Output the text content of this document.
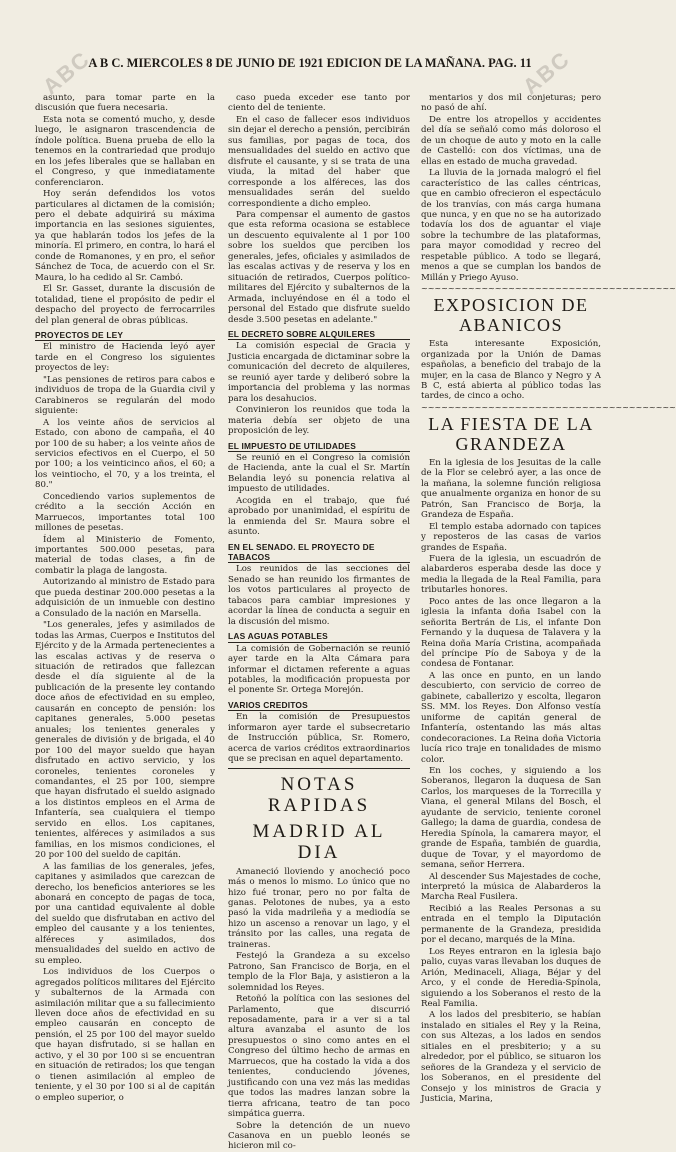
ABC	ABC
A B C. MIERCOLES 8 DE JUNIO DE 1921 EDICION DE LA MAÑANA. PAG. 11

asunto, para tomar parte en la discusión que fuera necesaria.

Esta nota se comentó mucho, y, desde luego, le asignaron trascendencia de índole política. Buena prueba de ello la tenemos en la contrariedad que produjo en los jefes liberales que se hallaban en el Congreso, y que inmediatamente conferenciaron.

Hoy serán defendidos los votos particulares al dictamen de la comisión; pero el debate adquirirá su máxima importancia en las sesiones siguientes, ya que hablarán todos los jefes de la minoría. El primero, en contra, lo hará el conde de Romanones, y en pro, el señor Sánchez de Toca, de acuerdo con el Sr. Maura, lo ha cedido al Sr. Cambó.

El Sr. Gasset, durante la discusión de totalidad, tiene el propósito de pedir el despacho del proyecto de ferrocarriles del plan general de obras públicas.

PROYECTOS DE LEY

El ministro de Hacienda leyó ayer tarde en el Congreso los siguientes proyectos de ley:

"Las pensiones de retiros para cabos e individuos de tropa de la Guardia civil y Carabineros se regularán del modo siguiente:

A los veinte años de servicios al Estado, con abono de campaña, el 40 por 100 de su haber; a los veinte años de servicios efectivos en el Cuerpo, el 50 por 100; a los veinticinco años, el 60; a los veintiocho, el 70, y a los treinta, el 80."

Concediendo varios suplementos de crédito a la sección Acción en Marruecos, importantes total 100 millones de pesetas.

Ídem al Ministerio de Fomento, importantes 500.000 pesetas, para material de todas clases, a fin de combatir la plaga de langosta.

Autorizando al ministro de Estado para que pueda destinar 200.000 pesetas a la adquisición de un inmueble con destino a Consulado de la nación en Marsella.

"Los generales, jefes y asimilados de todas las Armas, Cuerpos e Institutos del Ejército y de la Armada pertenecientes a las escalas activas y de reserva o situación de retirados que fallezcan desde el día siguiente al de la publicación de la presente ley contando doce años de efectividad en su empleo, causarán en concepto de pensión: los capitanes generales, 5.000 pesetas anuales; los tenientes generales y generales de división y de brigada, el 40 por 100 del mayor sueldo que hayan disfrutado en activo servicio, y los coroneles, tenientes coroneles y comandantes, el 25 por 100, siempre que hayan disfrutado el sueldo asignado a los distintos empleos en el Arma de Infantería, sea cualquiera el tiempo servido en ellos. Los capitanes, tenientes, alféreces y asimilados a sus familias, en los mismos condiciones, el 20 por 100 del sueldo de capitán.

A las familias de los generales, jefes, capitanes y asimilados que carezcan de derecho, los beneficios anteriores se les abonará en concepto de pagas de toca, por una cantidad equivalente al doble del sueldo que disfrutaban en activo del empleo del causante y a los tenientes, alféreces y asimilados, dos mensualidades del sueldo en activo de su empleo.

Los individuos de los Cuerpos o agregados políticos militares del Ejército y subalternos de la Armada con asimilación militar que a su fallecimiento lleven doce años de efectividad en su empleo causarán en concepto de pensión, el 25 por 100 del mayor sueldo que hayan disfrutado, si se hallan en activo, y el 30 por 100 si se encuentran en situación de retirados; los que tengan o tienen asimilación al empleo de teniente, y el 30 por 100 si al de capitán o empleo superior, o

caso pueda exceder ese tanto por ciento del de teniente.

En el caso de fallecer esos individuos sin dejar el derecho a pensión, percibirán sus familias, por pagas de toca, dos mensualidades del sueldo en activo que disfrute el causante, y si se trata de una viuda, la mitad del haber que corresponde a los alféreces, las dos mensualidades serán del sueldo correspondiente a dicho empleo.

Para compensar el aumento de gastos que esta reforma ocasiona se establece un descuento equivalente al 1 por 100 sobre los sueldos que perciben los generales, jefes, oficiales y asimilados de las escalas activas y de reserva y los en situación de retirados, Cuerpos político-militares del Ejército y subalternos de la Armada, incluyéndose en él a todo el personal del Estado que disfrute sueldo desde 3.500 pesetas en adelante."

EL DECRETO SOBRE ALQUILERES

La comisión especial de Gracia y Justicia encargada de dictaminar sobre la comunicación del decreto de alquileres, se reunió ayer tarde y deliberó sobre la importancia del problema y las normas para los desahucios.

Convinieron los reunidos que toda la materia debía ser objeto de una proposición de ley.

EL IMPUESTO DE UTILIDADES

Se reunió en el Congreso la comisión de Hacienda, ante la cual el Sr. Martín Belandia leyó su ponencia relativa al impuesto de utilidades.

Acogida en el trabajo, que fué aprobado por unanimidad, el espíritu de la enmienda del Sr. Maura sobre el asunto.

EN EL SENADO. EL PROYECTO DE TABACOS

Los reunidos de las secciones del Senado se han reunido los firmantes de los votos particulares al proyecto de tabacos para cambiar impresiones y acordar la línea de conducta a seguir en la discusión del mismo.

LAS AGUAS POTABLES

La comisión de Gobernación se reunió ayer tarde en la Alta Cámara para informar el dictamen referente a aguas potables, la modificación propuesta por el ponente Sr. Ortega Morejón.

VARIOS CREDITOS

En la comisión de Presupuestos informaron ayer tarde el subsecretario de Instrucción pública, Sr. Romero, acerca de varios créditos extraordinarios que se precisan en aquel departamento.

NOTAS RAPIDAS
MADRID AL DIA

Amaneció lloviendo y anocheció poco más o menos lo mismo. Lo único que no hizo fué tronar, pero no por falta de ganas. Pelotones de nubes, ya a esto pasó la vida madrileña y a mediodía se hizo un ascenso a renovar un lago, y el tránsito por las calles, una regata de traineras.

Festejó la Grandeza a su excelso Patrono, San Francisco de Borja, en el templo de la Flor Baja, y asistieron a la solemnidad los Reyes.

Retoñó la política con las sesiones del Parlamento, que discurrió reposadamente, para ir a ver si a tal altura avanzaba el asunto de los presupuestos o sino como antes en el Congreso del último hecho de armas en Marruecos, que ha costado la vida a dos tenientes, conduciendo jóvenes, justificando con una vez más las medidas que todos las madres lanzan sobre la tierra africana, teatro de tan poco simpática guerra.

Sobre la detención de un nuevo Casanova en un pueblo leonés se hicieron mil co-

mentarios y dos mil conjeturas; pero no pasó de ahí.

De entre los atropellos y accidentes del día se señaló como más doloroso el de un choque de auto y moto en la calle de Castelló: con dos víctimas, una de ellas en estado de mucha gravedad.

La lluvia de la jornada malogró el fiel característico de las calles céntricas, que en cambio ofrecieron el espectáculo de los tranvías, con más carga humana que nunca, y en que no se ha autorizado todavía los dos de aguantar el viaje sobre la techumbre de las plataformas, para mayor comodidad y recreo del respetable público. A todo se llegará, menos a que se cumplan los bandos de Millán y Priego Ayuso.

~~~~~~~~~~~~~~~~~~~~~~~~~~~~~~~~~~~~~~
EXPOSICION DE ABANICOS

Esta interesante Exposición, organizada por la Unión de Damas españolas, a beneficio del trabajo de la mujer, en la casa de Blanco y Negro y A B C, está abierta al público todas las tardes, de cinco a ocho.

~~~~~~~~~~~~~~~~~~~~~~~~~~~~~~~~~~~~~~
LA FIESTA DE LA GRANDEZA

En la iglesia de los Jesuitas de la calle de la Flor se celebró ayer, a las once de la mañana, la solemne función religiosa que anualmente organiza en honor de su Patrón, San Francisco de Borja, la Grandeza de España.

El templo estaba adornado con tapices y reposteros de las casas de varios grandes de España.

Fuera de la iglesia, un escuadrón de alabarderos esperaba desde las doce y media la llegada de la Real Familia, para tributarles honores.

Poco antes de las once llegaron a la iglesia la infanta doña Isabel con la señorita Bertrán de Lis, el infante Don Fernando y la duquesa de Talavera y la Reina doña María Cristina, acompañada del príncipe Pío de Saboya y de la condesa de Fontanar.

A las once en punto, en un lando descubierto, con servicio de correo de gabinete, caballerizo y escolta, llegaron SS. MM. los Reyes. Don Alfonso vestía uniforme de capitán general de Infantería, ostentando las más altas condecoraciones. La Reina doña Victoria lucía rico traje en tonalidades de mismo color.

En los coches, y siguiendo a los Soberanos, llegaron la duquesa de San Carlos, los marqueses de la Torrecilla y Viana, el general Milans del Bosch, el ayudante de servicio, teniente coronel Gallego; la dama de guardia, condesa de Heredia Spínola, la camarera mayor, el grande de España, también de guardia, duque de Tovar, y el mayordomo de semana, señor Herrera.

Al descender Sus Majestades de coche, interpretó la música de Alabarderos la Marcha Real Fusilera.

Recibió a las Reales Personas a su entrada en el templo la Diputación permanente de la Grandeza, presidida por el decano, marqués de la Mina.

Los Reyes entraron en la iglesia bajo palio, cuyas varas llevaban los duques de Arión, Medinaceli, Aliaga, Béjar y del Arco, y el conde de Heredia-Spínola, siguiendo a los Soberanos el resto de la Real Familia.

A los lados del presbiterio, se habían instalado en sitiales el Rey y la Reina, con sus Altezas, a los lados en sendos sitiales en el presbiterio; y a su alrededor, por el público, se situaron los señores de la Grandeza y el servicio de los Soberanos, en el presidente del Consejo y los ministros de Gracia y Justicia, Marina,
